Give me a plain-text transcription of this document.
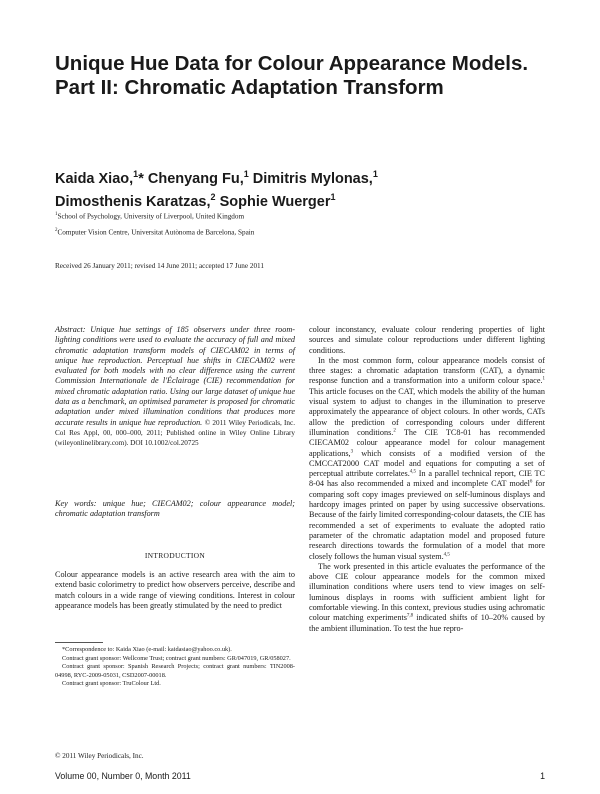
Unique Hue Data for Colour Appearance Models. Part II: Chromatic Adaptation Transform
Kaida Xiao,$^1$* Chenyang Fu,$^1$ Dimitris Mylonas,$^1$
Dimosthenis Karatzas,$^2$ Sophie Wuerger$^1$

$^1$School of Psychology, University of Liverpool, United Kingdom

$^2$Computer Vision Centre, Universitat Autònoma de Barcelona, Spain

Received 26 January 2011; revised 14 June 2011; accepted 17 June 2011

Abstract: Unique hue settings of 185 observers under three room-lighting conditions were used to evaluate the accuracy of full and mixed chromatic adaptation transform models of CIECAM02 in terms of unique hue reproduction. Perceptual hue shifts in CIECAM02 were evaluated for both models with no clear difference using the current Commission Internationale de l'Éclairage (CIE) recommendation for mixed chromatic adaptation ratio. Using our large dataset of unique hue data as a benchmark, an optimised parameter is proposed for chromatic adaptation under mixed illumination conditions that produces more accurate results in unique hue reproduction. © 2011 Wiley Periodicals, Inc. Col Res Appl, 00, 000–000, 2011; Published online in Wiley Online Library (wileyonlinelibrary.com). DOI 10.1002/col.20725
Key words: unique hue; CIECAM02; colour appearance model; chromatic adaptation transform

INTRODUCTION

Colour appearance models is an active research area with the aim to extend basic colorimetry to predict how observers perceive, describe and match colours in a wide range of viewing conditions. Interest in colour appearance models has been greatly stimulated by the need to predict

*Correspondence to: Kaida Xiao (e-mail: kaidasiao@yahoo.co.uk).

Contract grant sponsor: Wellcome Trust; contract grant numbers: GR/047019, GR/058027.

Contract grant sponsor: Spanish Research Projects; contract grant numbers: TIN2008-04998, RYC-2009-05031, CSD2007-00018.

Contract grant sponsor: TruColour Ltd.

© 2011 Wiley Periodicals, Inc.

colour inconstancy, evaluate colour rendering properties of light sources and simulate colour reproductions under different lighting conditions.

In the most common form, colour appearance models consist of three stages: a chromatic adaptation transform (CAT), a dynamic response function and a transformation into a uniform colour space.$^1$ This article focuses on the CAT, which models the ability of the human visual system to adjust to changes in the illumination to preserve approximately the appearance of object colours. In other words, CATs allow the prediction of corresponding colours under different illumination conditions.$^2$ The CIE TC8-01 has recommended CIECAM02 colour appearance model for colour management applications,$^3$ which consists of a modified version of the CMCCAT2000 CAT model and equations for computing a set of perceptual attribute correlates.$^{4,5}$ In a parallel technical report, CIE TC 8-04 has also recommended a mixed and incomplete CAT model$^6$ for comparing soft copy images previewed on self-luminous displays and hardcopy images printed on paper by using successive observations. Because of the fairly limited corresponding-colour datasets, the CIE has recommended a set of experiments to evaluate the adopted ratio parameter of the chromatic adaptation model and proposed future research directions towards the formulation of a model that more closely follows the human visual system.$^{4,5}$

The work presented in this article evaluates the performance of the above CIE colour appearance models for the common mixed illumination conditions where users tend to view images on self-luminous displays in rooms with sufficient ambient light for comfortable viewing. In this context, previous studies using achromatic colour matching experiments$^{7,8}$ indicated shifts of 10–20% caused by the ambient illumination. To test the hue repro-

Volume 00, Number 0, Month 2011	1
